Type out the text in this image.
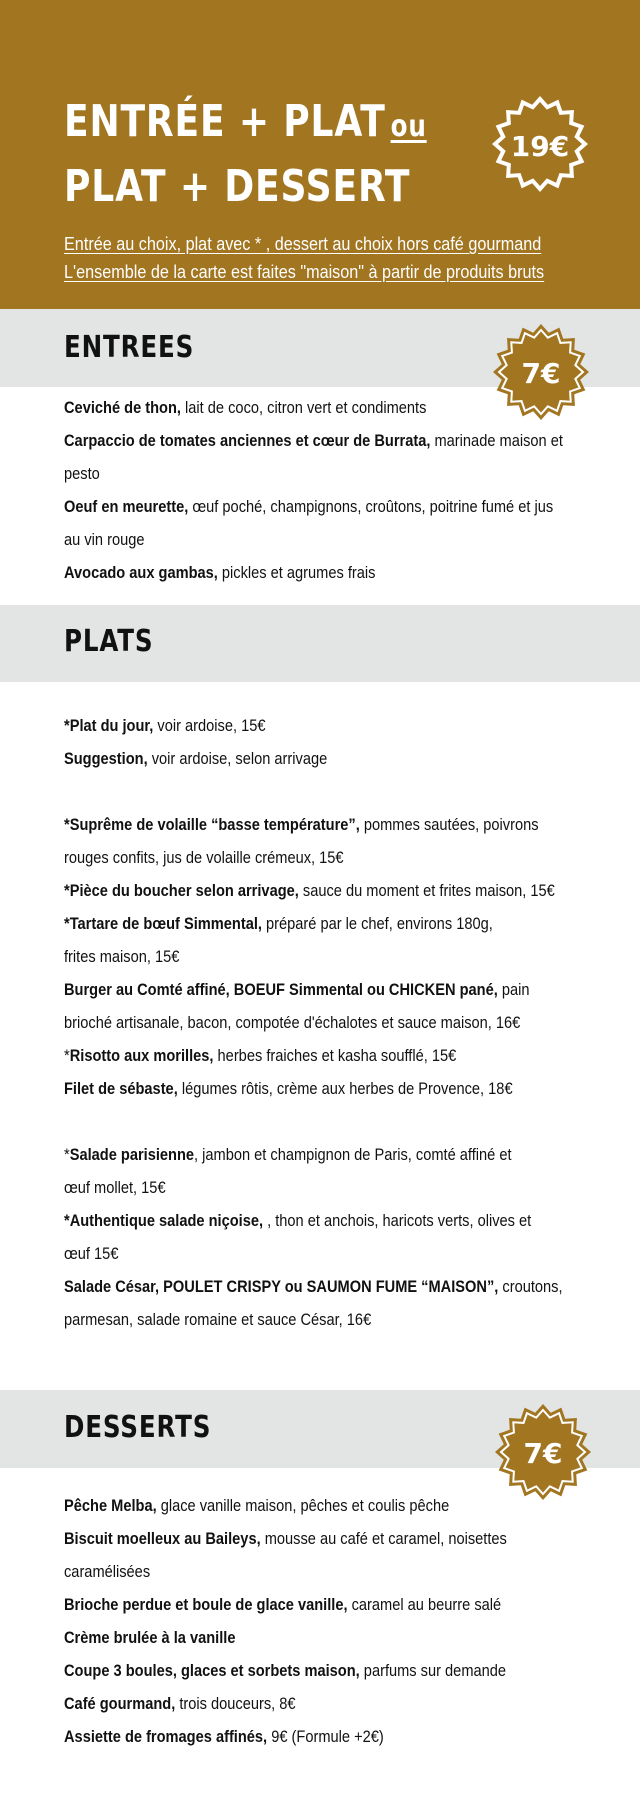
ENTRÉE + PLAT ou
PLAT + DESSERT
19€
Entrée au choix, plat avec * , dessert au choix hors café gourmand
L'ensemble de la carte est faites "maison" à partir de produits bruts
ENTREES
7€
Ceviché de thon, lait de coco, citron vert et condiments
Carpaccio de tomates anciennes et cœur de Burrata, marinade maison et
pesto
Oeuf en meurette, œuf poché, champignons, croûtons, poitrine fumé et jus
au vin rouge
Avocado aux gambas, pickles et agrumes frais
PLATS
*Plat du jour, voir ardoise, 15€
Suggestion, voir ardoise, selon arrivage
*Suprême de volaille “basse température”, pommes sautées, poivrons
rouges confits, jus de volaille crémeux, 15€
*Pièce du boucher selon arrivage, sauce du moment et frites maison, 15€
*Tartare de bœuf Simmental, préparé par le chef, environs 180g,
frites maison, 15€
Burger au Comté affiné, BOEUF Simmental ou CHICKEN pané, pain
brioché artisanale, bacon, compotée d'échalotes et sauce maison, 16€
*Risotto aux morilles, herbes fraiches et kasha soufflé, 15€
Filet de sébaste, légumes rôtis, crème aux herbes de Provence, 18€
*Salade parisienne, jambon et champignon de Paris, comté affiné et
œuf mollet, 15€
*Authentique salade niçoise, , thon et anchois, haricots verts, olives et
œuf 15€
Salade César, POULET CRISPY ou SAUMON FUME “MAISON”, croutons,
parmesan, salade romaine et sauce César, 16€
DESSERTS
7€
Pêche Melba, glace vanille maison, pêches et coulis pêche
Biscuit moelleux au Baileys, mousse au café et caramel, noisettes
caramélisées
Brioche perdue et boule de glace vanille, caramel au beurre salé
Crème brulée à la vanille
Coupe 3 boules, glaces et sorbets maison, parfums sur demande
Café gourmand, trois douceurs, 8€
Assiette de fromages affinés, 9€ (Formule +2€)
